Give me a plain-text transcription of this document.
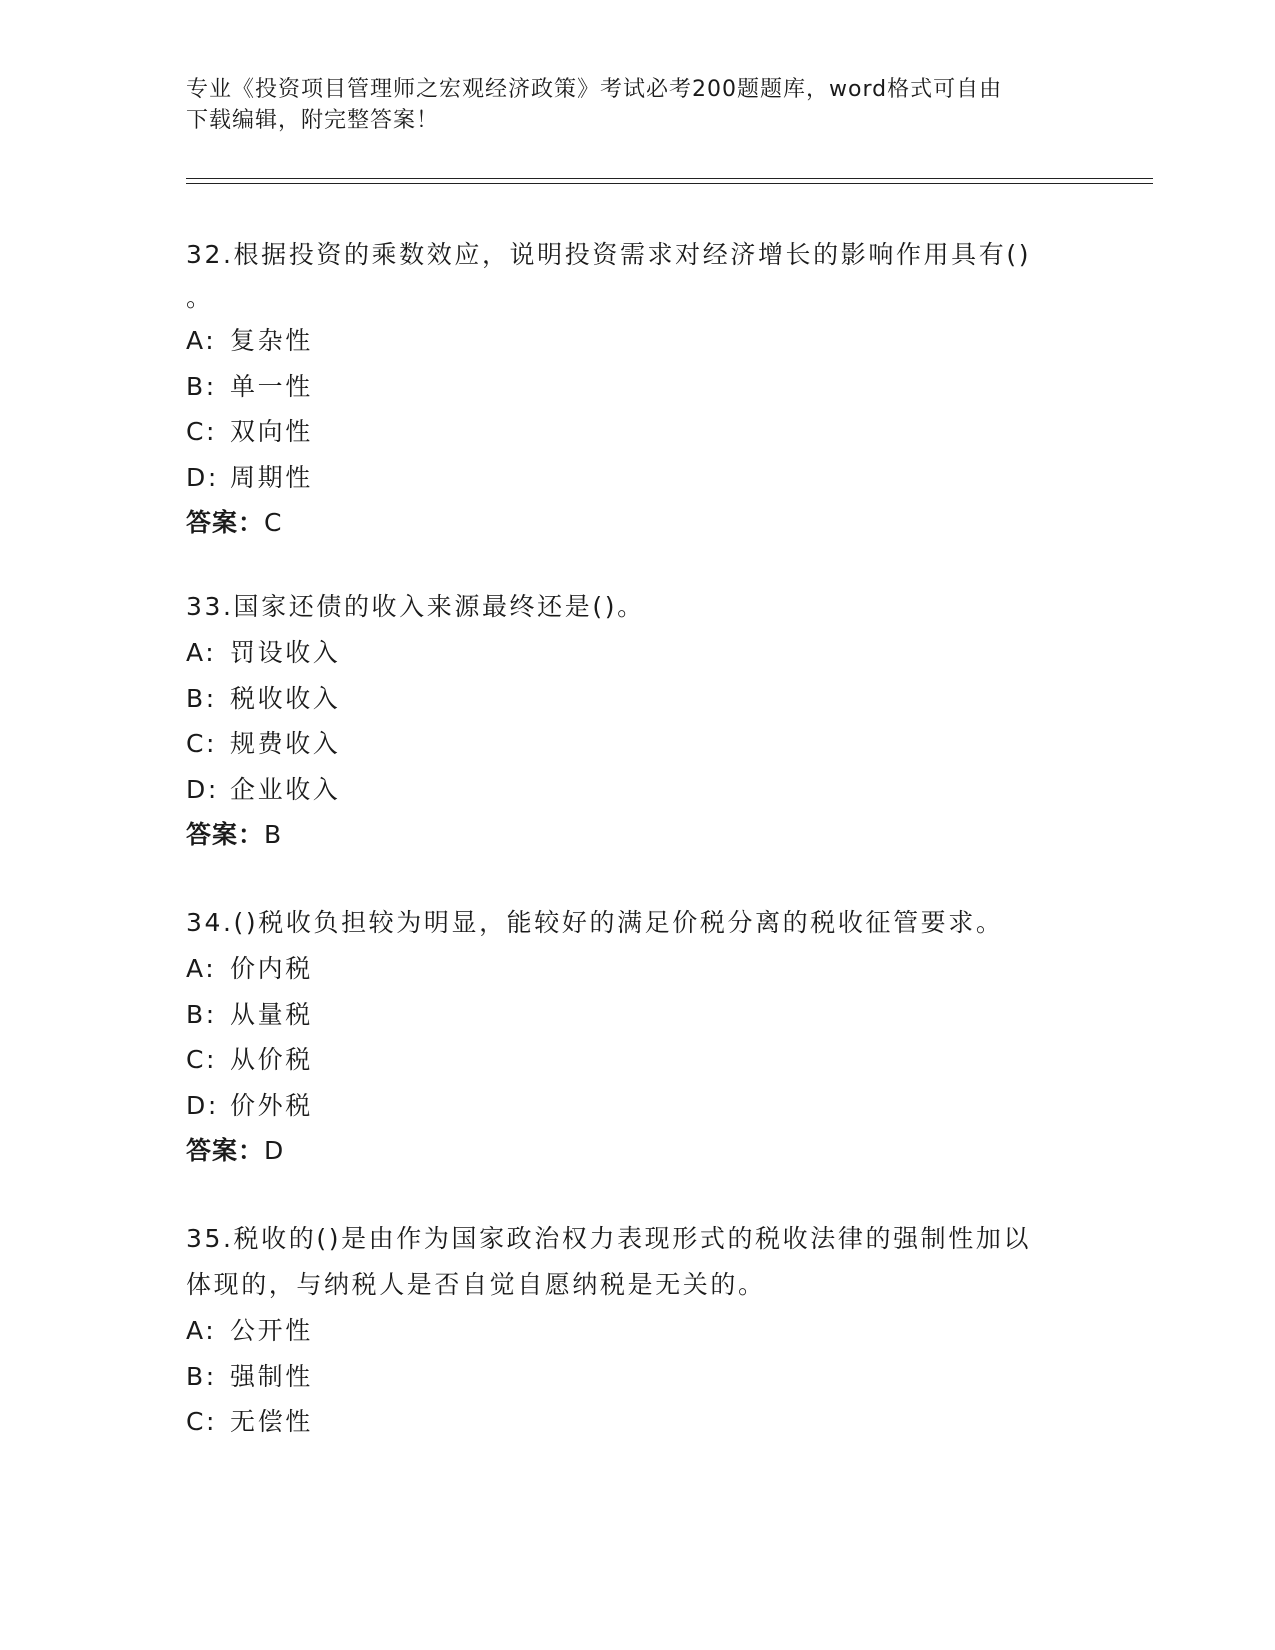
专业《投资项目管理师之宏观经济政策》考试必考200题题库，word格式可自由
下载编辑，附完整答案！
32.根据投资的乘数效应，说明投资需求对经济增长的影响作用具有()
。
A: 复杂性
B: 单一性
C: 双向性
D: 周期性
答案：C
33.国家还债的收入来源最终还是()。
A: 罚设收入
B: 税收收入
C: 规费收入
D: 企业收入
答案：B
34.()税收负担较为明显，能较好的满足价税分离的税收征管要求。
A: 价内税
B: 从量税
C: 从价税
D: 价外税
答案：D
35.税收的()是由作为国家政治权力表现形式的税收法律的强制性加以
体现的，与纳税人是否自觉自愿纳税是无关的。
A: 公开性
B: 强制性
C: 无偿性
